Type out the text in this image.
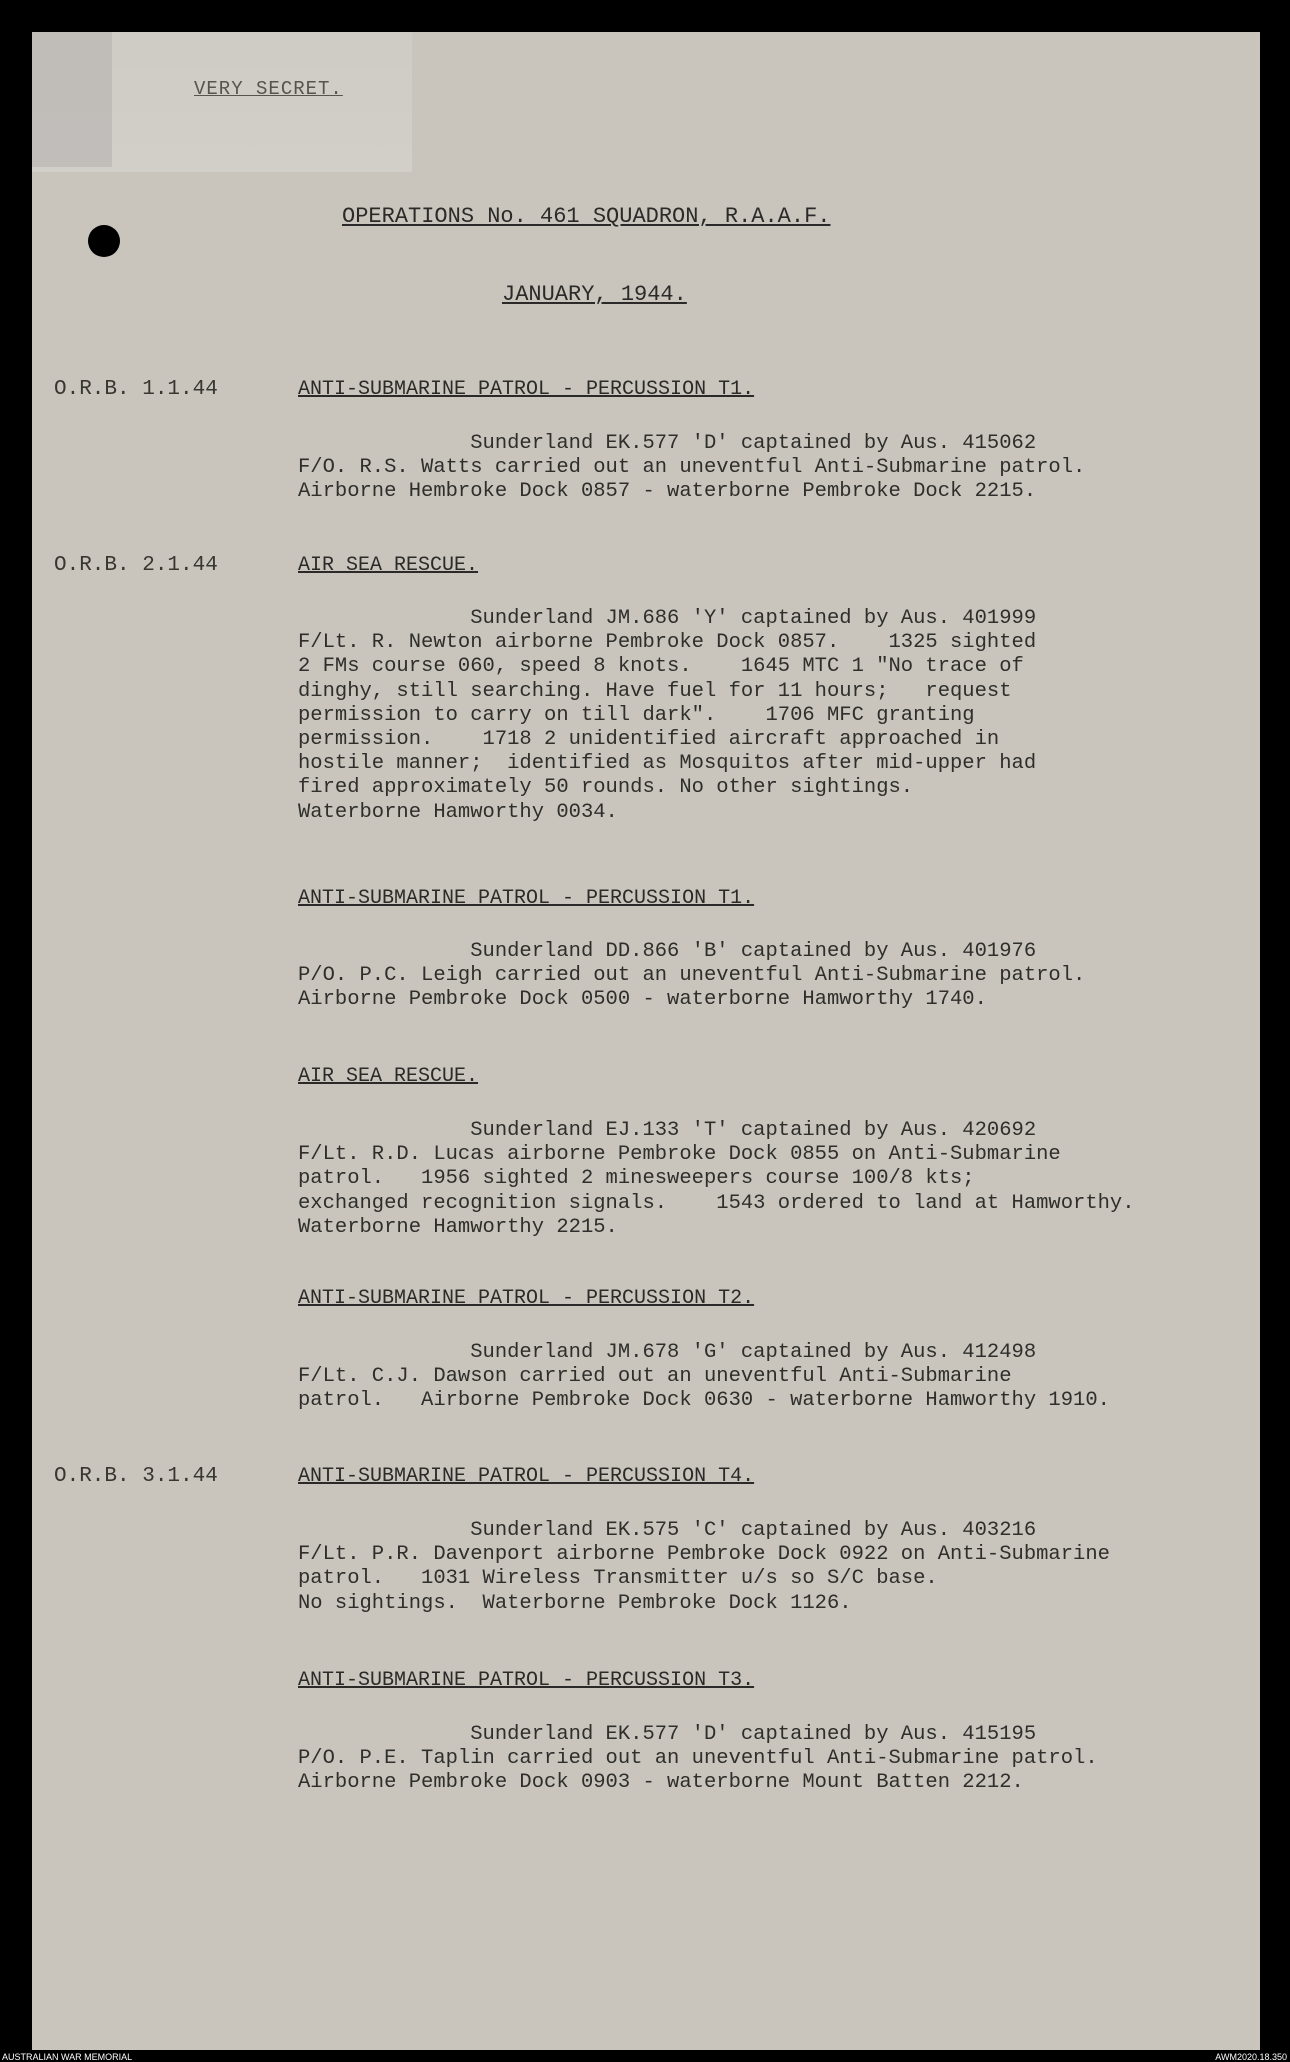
VERY SECRET.
OPERATIONS No. 461 SQUADRON, R.A.A.F.
JANUARY, 1944.
O.R.B. 1.1.44
O.R.B. 2.1.44
O.R.B. 3.1.44
ANTI-SUBMARINE PATROL - PERCUSSION T1.
Sunderland EK.577 'D' captained by Aus. 415062
F/O. R.S. Watts carried out an uneventful Anti-Submarine patrol.
Airborne Hembroke Dock 0857 - waterborne Pembroke Dock 2215.
AIR SEA RESCUE.
Sunderland JM.686 'Y' captained by Aus. 401999
F/Lt. R. Newton airborne Pembroke Dock 0857.    1325 sighted
2 FMs course 060, speed 8 knots.    1645 MTC 1 "No trace of
dinghy, still searching. Have fuel for 11 hours;   request
permission to carry on till dark".    1706 MFC granting
permission.    1718 2 unidentified aircraft approached in
hostile manner;  identified as Mosquitos after mid-upper had
fired approximately 50 rounds. No other sightings.
Waterborne Hamworthy 0034.
ANTI-SUBMARINE PATROL - PERCUSSION T1.
Sunderland DD.866 'B' captained by Aus. 401976
P/O. P.C. Leigh carried out an uneventful Anti-Submarine patrol.
Airborne Pembroke Dock 0500 - waterborne Hamworthy 1740.
AIR SEA RESCUE.
Sunderland EJ.133 'T' captained by Aus. 420692
F/Lt. R.D. Lucas airborne Pembroke Dock 0855 on Anti-Submarine
patrol.   1956 sighted 2 minesweepers course 100/8 kts;
exchanged recognition signals.    1543 ordered to land at Hamworthy.
Waterborne Hamworthy 2215.
ANTI-SUBMARINE PATROL - PERCUSSION T2.
Sunderland JM.678 'G' captained by Aus. 412498
F/Lt. C.J. Dawson carried out an uneventful Anti-Submarine
patrol.   Airborne Pembroke Dock 0630 - waterborne Hamworthy 1910.
ANTI-SUBMARINE PATROL - PERCUSSION T4.
Sunderland EK.575 'C' captained by Aus. 403216
F/Lt. P.R. Davenport airborne Pembroke Dock 0922 on Anti-Submarine
patrol.   1031 Wireless Transmitter u/s so S/C base.
No sightings.  Waterborne Pembroke Dock 1126.
ANTI-SUBMARINE PATROL - PERCUSSION T3.
Sunderland EK.577 'D' captained by Aus. 415195
P/O. P.E. Taplin carried out an uneventful Anti-Submarine patrol.
Airborne Pembroke Dock 0903 - waterborne Mount Batten 2212.
AUSTRALIAN WAR MEMORIAL	AWM2020.18.350
